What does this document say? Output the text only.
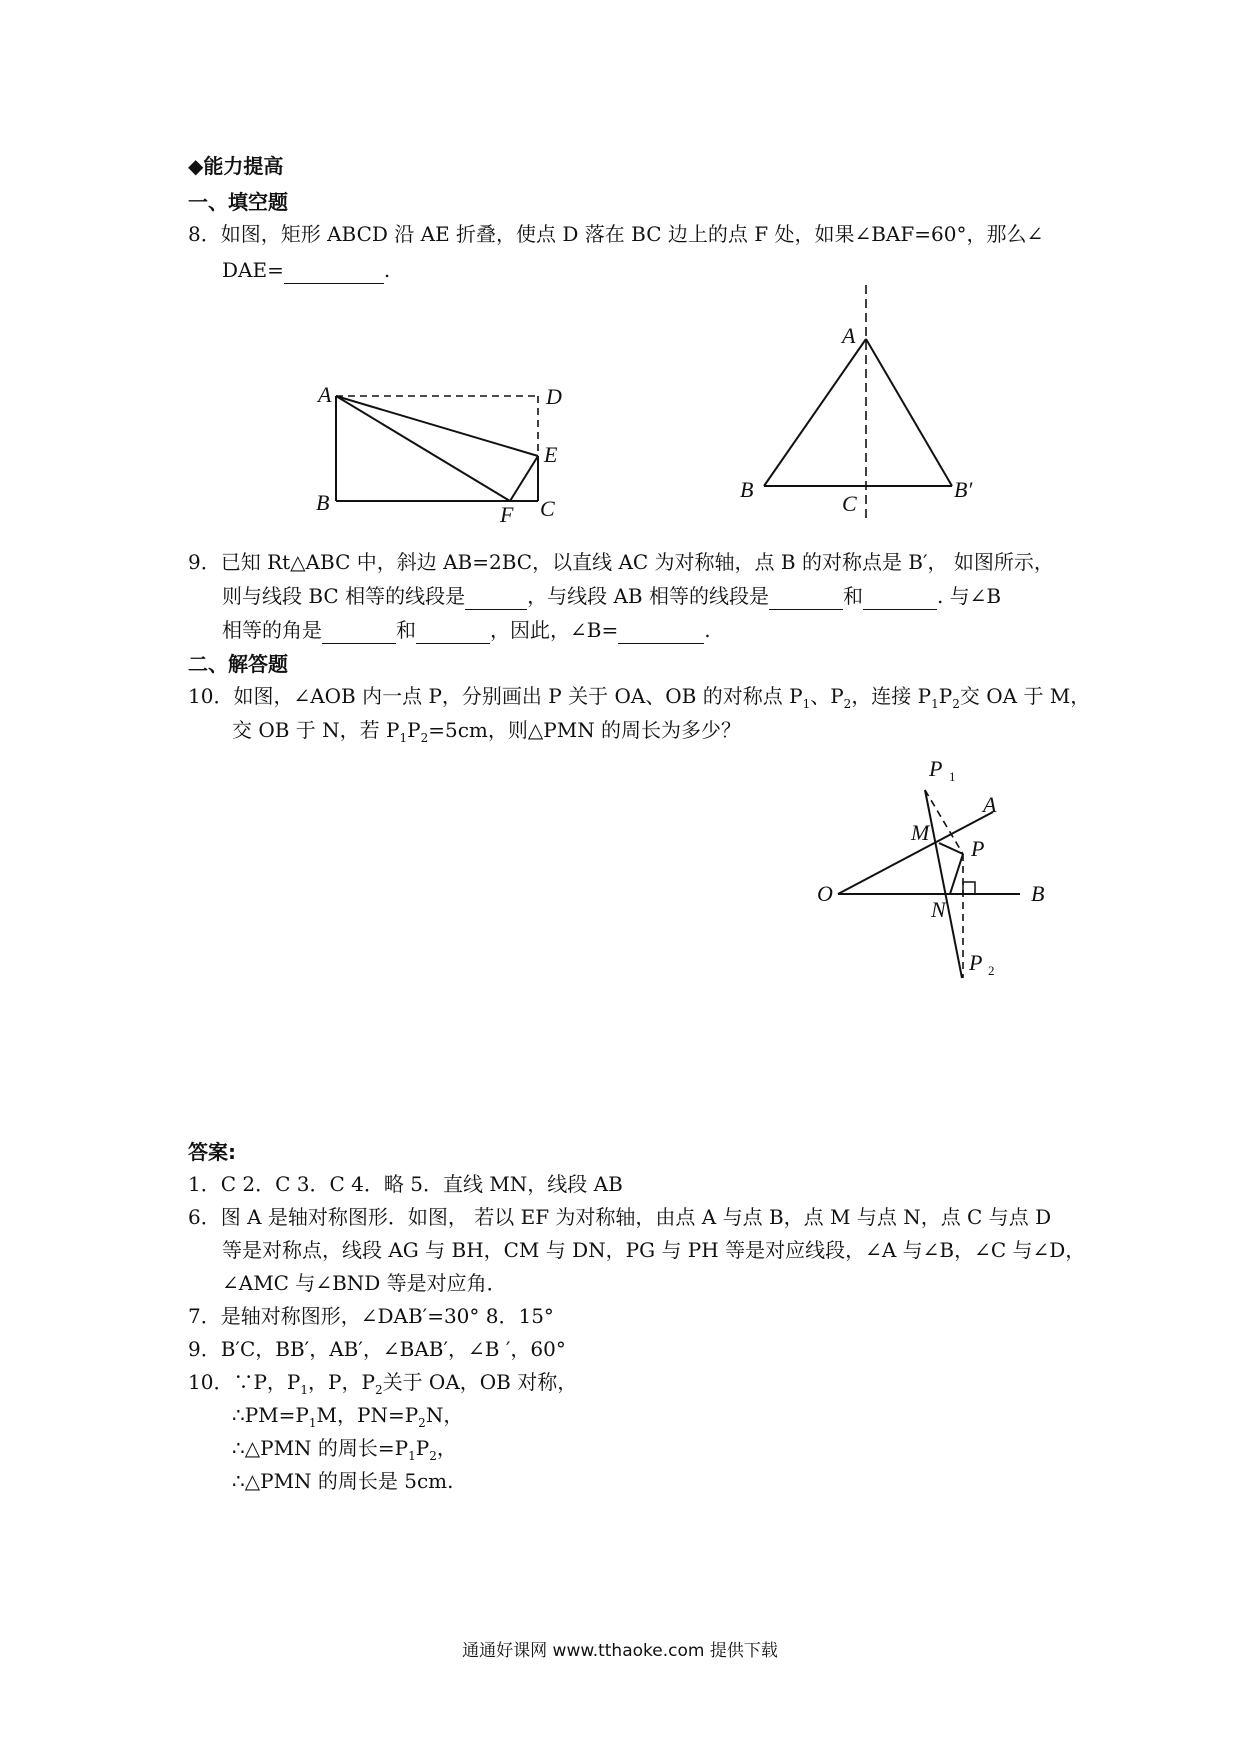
◆能力提高
一、填空题
8．如图，矩形 ABCD 沿 AE 折叠，使点 D 落在 BC 边上的点 F 处，如果∠BAF=60°，那么∠
DAE=	.
A	D
E
B	C
F
A
B
C
B′
9．已知 Rt△ABC 中，斜边 AB=2BC，以直线 AC 为对称轴，点 B 的对称点是 B′， 如图所示，
则与线段 BC 相等的线段是	，与线段 AB 相等的线段是	和	. 与∠B
相等的角是	和	，因此，∠B=	.
二、解答题
10．如图，∠AOB 内一点 P，分别画出 P 关于 OA、OB 的对称点 $P_1$、$P_2$，连接 $P_1P_2$交 OA 于 M，
交 OB 于 N，若 $P_1P_2=5cm$，则△PMN 的周长为多少？
P 1
A
M
P
O
N
B
P 2
答案:
1．C 2．C 3．C 4．略 5．直线 MN，线段 AB
6．图 A 是轴对称图形．如图， 若以 EF 为对称轴，由点 A 与点 B，点 M 与点 N，点 C 与点 D
等是对称点，线段 AG 与 BH，CM 与 DN，PG 与 PH 等是对应线段，∠A 与∠B，∠C 与∠D，
∠AMC 与∠BND 等是对应角．
7．是轴对称图形，∠DAB′=30° 8．15°
9．B′C，BB′，AB′，∠BAB′，∠B ′，60°
10．∵P，$P_1$，P，$P_2$关于 OA，OB 对称，
$\therefore PM=P_1M$，$PN=P_2N$，
∴△PMN 的周长$=P_1P_2$，
∴△PMN 的周长是 5cm.
通通好课网 www.tthaoke.com 提供下载
